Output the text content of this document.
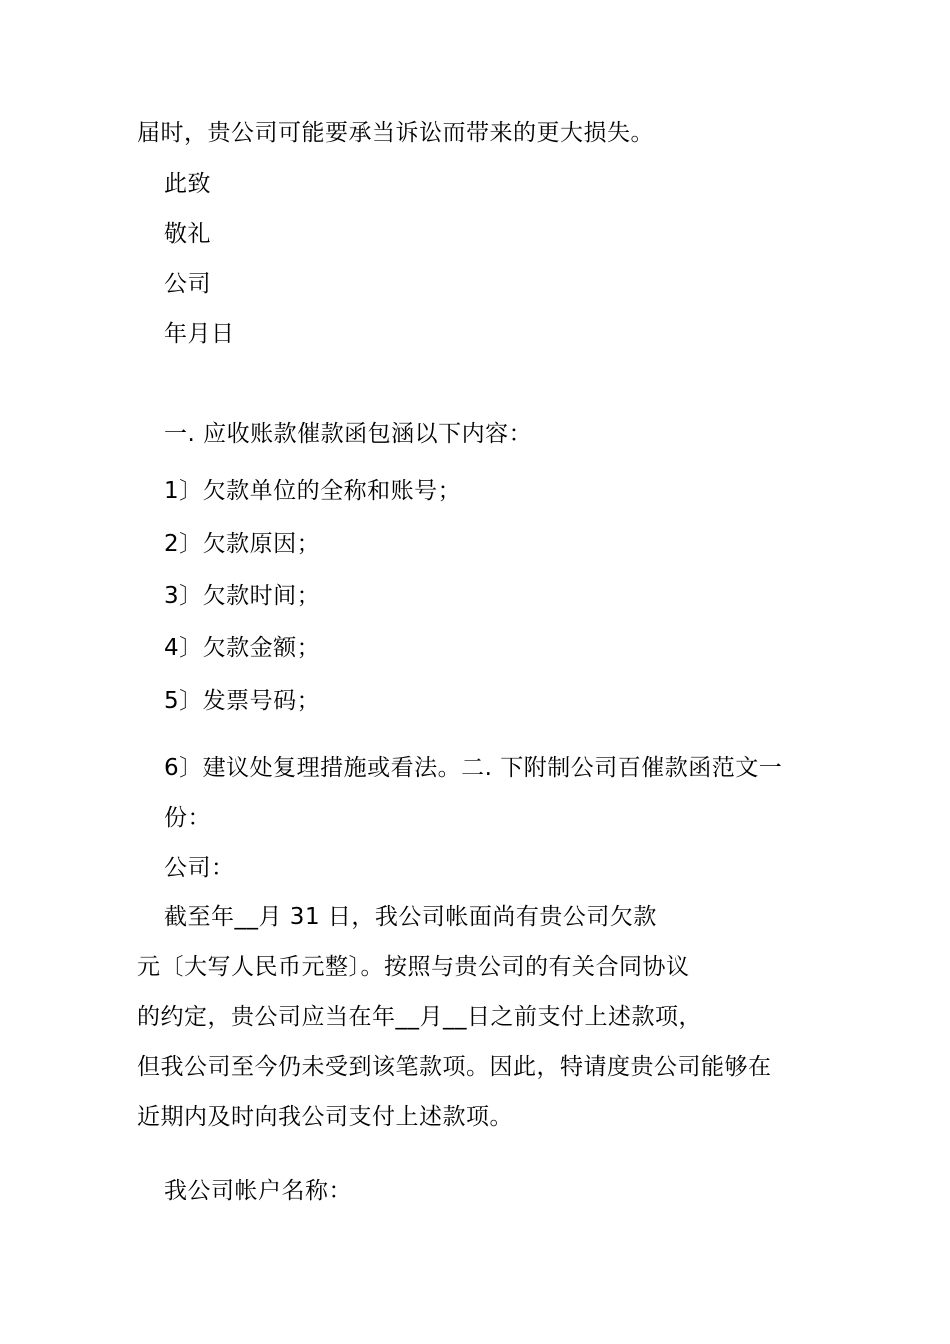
届时，贵公司可能要承当诉讼而带来的更大损失。
此致
敬礼
公司
年月日
一. 应收账款催款函包涵以下内容：
1〕欠款单位的全称和账号；
2〕欠款原因；
3〕欠款时间；
4〕欠款金额；
5〕发票号码；
6〕建议处复理措施或看法。二. 下附制公司百催款函范文一
份：
公司：
截至年__月 31 日，我公司帐面尚有贵公司欠款
元〔大写人民币元整〕。按照与贵公司的有关合同协议
的约定，贵公司应当在年__月__日之前支付上述款项，
但我公司至今仍未受到该笔款项。因此，特请度贵公司能够在
近期内及时向我公司支付上述款项。
我公司帐户名称：
